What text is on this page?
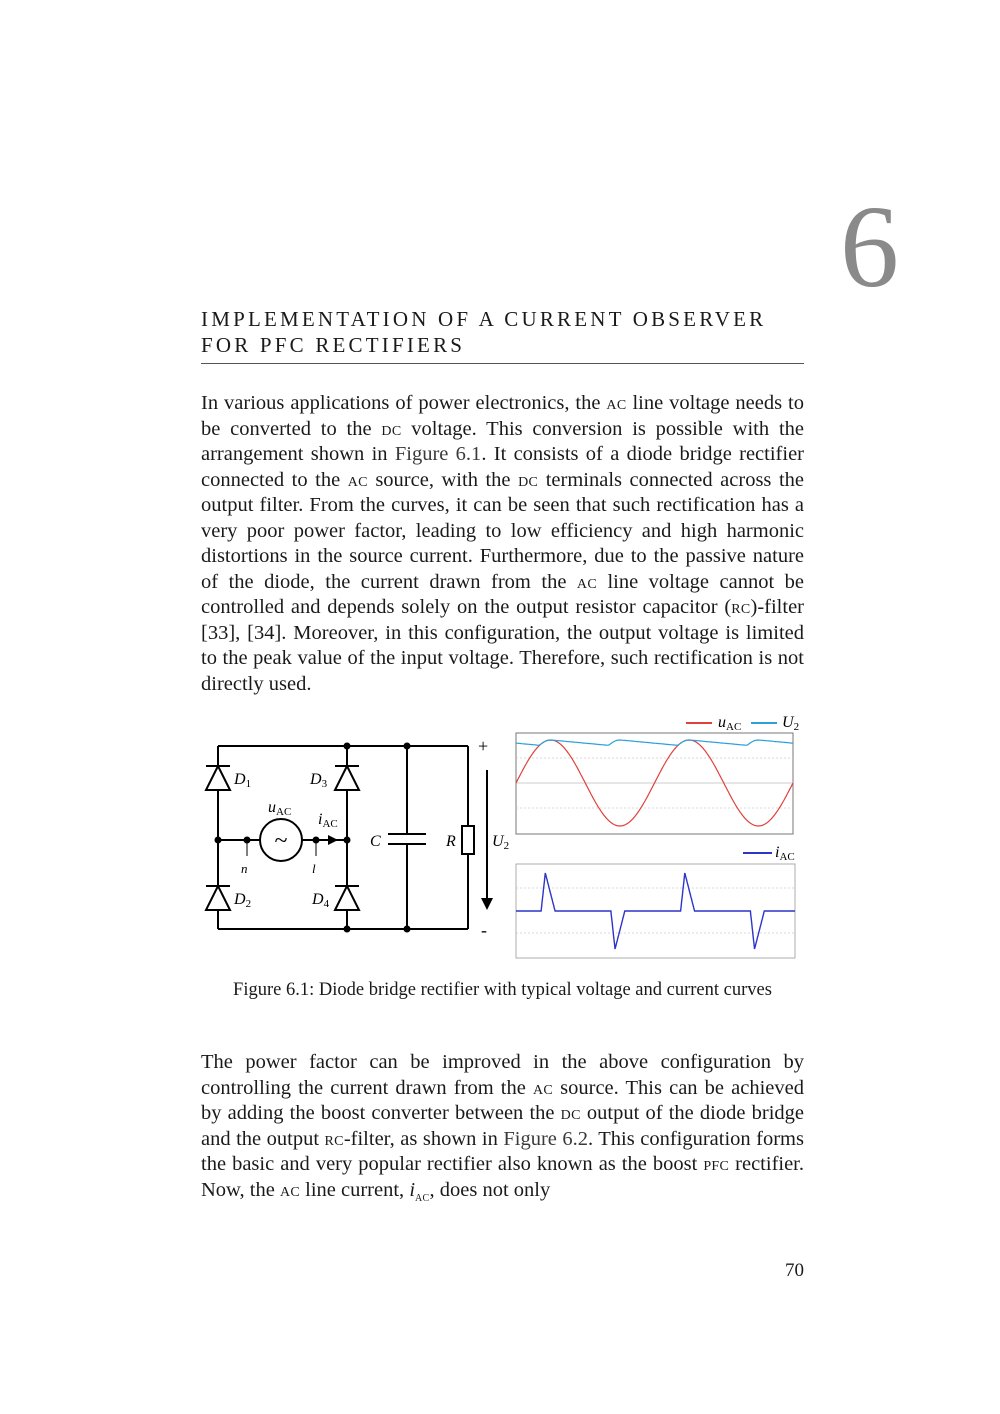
6
IMPLEMENTATION OF A CURRENT OBSERVER
FOR PFC RECTIFIERS

In various applications of power electronics, the ac line voltage needs to be converted to the dc voltage. This conversion is possible with the arrangement shown in Figure 6.1. It consists of a diode bridge rectifier connected to the ac source, with the dc terminals connected across the output filter. From the curves, it can be seen that such rectification has a very poor power factor, leading to low efficiency and high harmonic distortions in the source current. Furthermore, due to the passive nature of the diode, the current drawn from the ac line voltage cannot be controlled and depends solely on the output resistor capacitor (rc)-filter [33], [34]. Moreover, in this configuration, the output voltage is limited to the peak value of the input voltage. Therefore, such rectification is not directly used.

~
D1	D3
D2	D4
uAC iAC
C	R U2
n	l
+
-
uAC	U2
iAC
Figure 6.1: Diode bridge rectifier with typical voltage and current curves

The power factor can be improved in the above configuration by controlling the current drawn from the ac source. This can be achieved by adding the boost converter between the dc output of the diode bridge and the output rc-filter, as shown in Figure 6.2. This configuration forms the basic and very popular rectifier also known as the boost pfc rectifier. Now, the ac line current, $i_{ac}$, does not only

70
